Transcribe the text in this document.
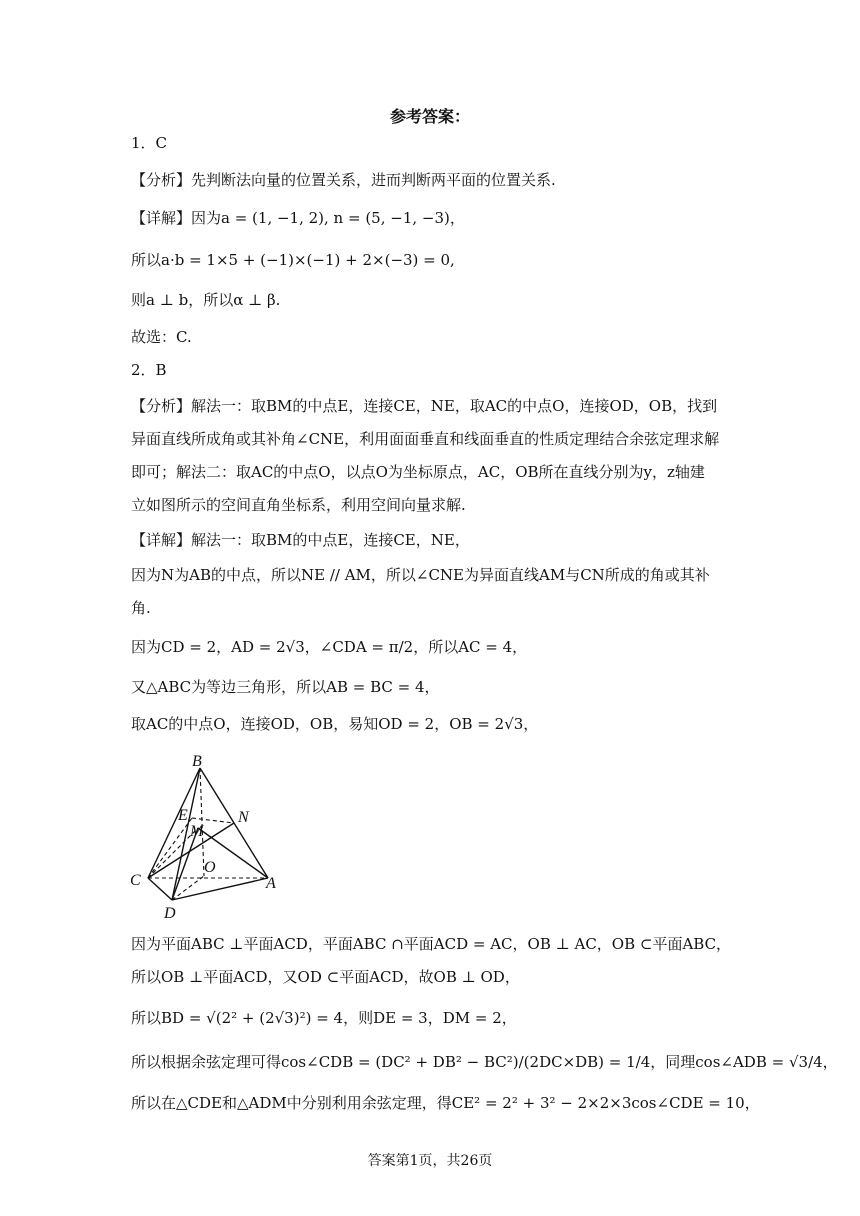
参考答案：
1．C
【分析】先判断法向量的位置关系，进而判断两平面的位置关系.
【详解】因为a = (1, −1, 2), n = (5, −1, −3)，
所以a·b = 1×5 + (−1)×(−1) + 2×(−3) = 0,
则a ⊥ b，所以α ⊥ β.
故选：C.
2．B
【分析】解法一：取BM的中点E，连接CE，NE，取AC的中点O，连接OD，OB，找到
异面直线所成角或其补角∠CNE，利用面面垂直和线面垂直的性质定理结合余弦定理求解
即可；解法二：取AC的中点O，以点O为坐标原点，AC，OB所在直线分别为y，z轴建
立如图所示的空间直角坐标系，利用空间向量求解.
【详解】解法一：取BM的中点E，连接CE，NE，
因为N为AB的中点，所以NE // AM，所以∠CNE为异面直线AM与CN所成的角或其补
角.
因为CD = 2，AD = 2√3，∠CDA = π/2，所以AC = 4，
又△ABC为等边三角形，所以AB = BC = 4，
取AC的中点O，连接OD，OB，易知OD = 2，OB = 2√3，
B
E
M
N
O
C	A
D
因为平面ABC ⊥平面ACD，平面ABC ∩平面ACD = AC，OB ⊥ AC，OB ⊂平面ABC，
所以OB ⊥平面ACD，又OD ⊂平面ACD，故OB ⊥ OD，
所以BD = √(2² + (2√3)²) = 4，则DE = 3，DM = 2，
所以根据余弦定理可得cos∠CDB = (DC² + DB² − BC²)/(2DC×DB) = 1/4，同理cos∠ADB = √3/4，
所以在△CDE和△ADM中分别利用余弦定理，得CE² = 2² + 3² − 2×2×3cos∠CDE = 10，
答案第1页，共26页
